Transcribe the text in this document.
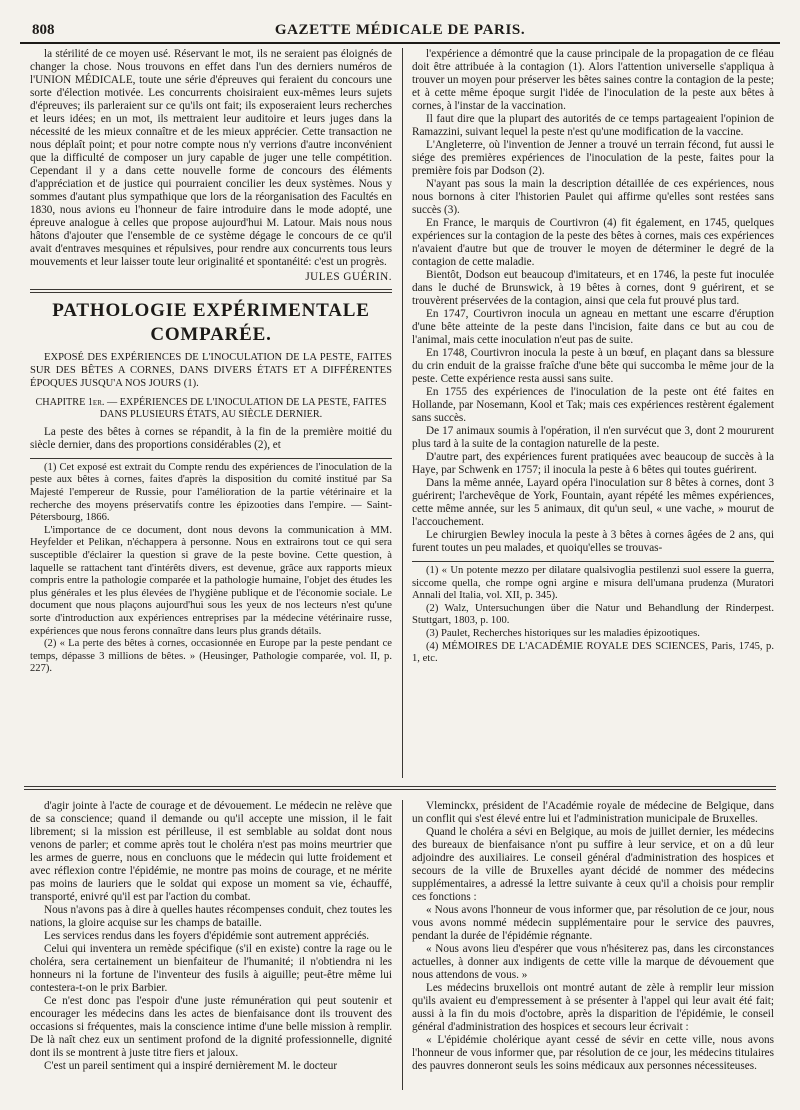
808	GAZETTE MÉDICALE DE PARIS.

la stérilité de ce moyen usé. Réservant le mot, ils ne seraient pas éloignés de changer la chose. Nous trouvons en effet dans l'un des derniers numéros de l'UNION MÉDICALE, toute une série d'épreuves qui feraient du concours une sorte d'élection motivée. Les concurrents choisiraient eux-mêmes leurs sujets d'épreuves; ils parleraient sur ce qu'ils ont fait; ils exposeraient leurs recherches et leurs idées; en un mot, ils mettraient leur auditoire et leurs juges dans la nécessité de les mieux connaître et de les mieux apprécier. Cette transaction ne nous déplaît point; et pour notre compte nous n'y verrions d'autre inconvénient que la difficulté de composer un jury capable de juger une telle compétition. Cependant il y a dans cette nouvelle forme de concours des éléments d'appréciation et de justice qui pourraient concilier les deux systèmes. Nous y sommes d'autant plus sympathique que lors de la réorganisation des Facultés en 1830, nous avions eu l'honneur de faire introduire dans le mode adopté, une épreuve analogue à celles que propose aujourd'hui M. Latour. Mais nous nous hâtons d'ajouter que l'ensemble de ce système dégage le concours de ce qu'il avait d'entraves mesquines et répulsives, pour rendre aux concurrents tous leurs mouvements et leur laisser toute leur originalité et spontanéité: c'est un progrès.

JULES GUÉRIN.
PATHOLOGIE EXPÉRIMENTALE COMPARÉE.

EXPOSÉ DES EXPÉRIENCES DE L'INOCULATION DE LA PESTE, FAITES SUR DES BÊTES A CORNES, DANS DIVERS ÉTATS ET A DIFFÉRENTES ÉPOQUES JUSQU'A NOS JOURS (1).

CHAPITRE 1er. — EXPÉRIENCES DE L'INOCULATION DE LA PESTE, FAITES DANS PLUSIEURS ÉTATS, AU SIÈCLE DERNIER.

La peste des bêtes à cornes se répandit, à la fin de la première moitié du siècle dernier, dans des proportions considérables (2), et

(1) Cet exposé est extrait du Compte rendu des expériences de l'inoculation de la peste aux bêtes à cornes, faites d'après la disposition du comité institué par Sa Majesté l'empereur de Russie, pour l'amélioration de la partie vétérinaire et la recherche des moyens préservatifs contre les épizooties dans l'empire. — Saint-Pétersbourg, 1866.

L'importance de ce document, dont nous devons la communication à MM. Heyfelder et Pelikan, n'échappera à personne. Nous en extrairons tout ce qui sera susceptible d'éclairer la question si grave de la peste bovine. Cette question, à laquelle se rattachent tant d'intérêts divers, est devenue, grâce aux rapports mieux compris entre la pathologie comparée et la pathologie humaine, l'objet des études les plus générales et les plus élevées de l'hygiène publique et de l'économie sociale. Le document que nous plaçons aujourd'hui sous les yeux de nos lecteurs n'est qu'une sorte d'introduction aux expériences entreprises par la médecine vétérinaire russe, expériences que nous ferons connaître dans leurs plus grands détails.

(2) « La perte des bêtes à cornes, occasionnée en Europe par la peste pendant ce temps, dépasse 3 millions de bêtes. » (Heusinger, Pathologie comparée, vol. II, p. 227).

l'expérience a démontré que la cause principale de la propagation de ce fléau doit être attribuée à la contagion (1). Alors l'attention universelle s'appliqua à trouver un moyen pour préserver les bêtes saines contre la contagion de la peste; et à cette même époque surgit l'idée de l'inoculation de la peste aux bêtes à cornes, à l'instar de la vaccination.

Il faut dire que la plupart des autorités de ce temps partageaient l'opinion de Ramazzini, suivant lequel la peste n'est qu'une modification de la vaccine.

L'Angleterre, où l'invention de Jenner a trouvé un terrain fécond, fut aussi le siége des premières expériences de l'inoculation de la peste, faites pour la première fois par Dodson (2).

N'ayant pas sous la main la description détaillée de ces expériences, nous nous bornons à citer l'historien Paulet qui affirme qu'elles sont restées sans succès (3).

En France, le marquis de Courtivron (4) fit également, en 1745, quelques expériences sur la contagion de la peste des bêtes à cornes, mais ces expériences n'avaient d'autre but que de trouver le moyen de déterminer le degré de la contagion de cette maladie.

Bientôt, Dodson eut beaucoup d'imitateurs, et en 1746, la peste fut inoculée dans le duché de Brunswick, à 19 bêtes à cornes, dont 9 guérirent, et se trouvèrent préservées de la contagion, ainsi que cela fut prouvé plus tard.

En 1747, Courtivron inocula un agneau en mettant une escarre d'éruption d'une bête atteinte de la peste dans l'incision, faite dans ce but au cou de l'animal, mais cette inoculation n'eut pas de suite.

En 1748, Courtivron inocula la peste à un bœuf, en plaçant dans sa blessure du crin enduit de la graisse fraîche d'une bête qui succomba le même jour de la peste. Cette expérience resta aussi sans suite.

En 1755 des expériences de l'inoculation de la peste ont été faites en Hollande, par Nosemann, Kool et Tak; mais ces expériences restèrent également sans succès.

De 17 animaux soumis à l'opération, il n'en survécut que 3, dont 2 moururent plus tard à la suite de la contagion naturelle de la peste.

D'autre part, des expériences furent pratiquées avec beaucoup de succès à la Haye, par Schwenk en 1757; il inocula la peste à 6 bêtes qui toutes guérirent.

Dans la même année, Layard opéra l'inoculation sur 8 bêtes à cornes, dont 3 guérirent; l'archevêque de York, Fountain, ayant répété les mêmes expériences, cette même année, sur les 5 animaux, dit qu'un seul, « une vache, » mourut de l'accouchement.

Le chirurgien Bewley inocula la peste à 3 bêtes à cornes âgées de 2 ans, qui furent toutes un peu malades, et quoiqu'elles se trouvas-

(1) « Un potente mezzo per dilatare qualsivoglia pestilenzi suol essere la guerra, siccome quella, che rompe ogni argine e misura dell'umana prudenza (Muratori Annali del Italia, vol. XII, p. 345).

(2) Walz, Untersuchungen über die Natur und Behandlung der Rinderpest. Stuttgart, 1803, p. 100.

(3) Paulet, Recherches historiques sur les maladies épizootiques.

(4) MÉMOIRES DE L'ACADÉMIE ROYALE DES SCIENCES, Paris, 1745, p. 1, etc.

d'agir jointe à l'acte de courage et de dévouement. Le médecin ne relève que de sa conscience; quand il demande ou qu'il accepte une mission, il le fait librement; si la mission est périlleuse, il est semblable au soldat dont nous venons de parler; et comme après tout le choléra n'est pas moins meurtrier que les armes de guerre, nous en concluons que le médecin qui lutte froidement et avec réflexion contre l'épidémie, ne montre pas moins de courage, et ne mérite pas moins de lauriers que le soldat qui expose un moment sa vie, échauffé, transporté, enivré qu'il est par l'action du combat.

Nous n'avons pas à dire à quelles hautes récompenses conduit, chez toutes les nations, la gloire acquise sur les champs de bataille.

Les services rendus dans les foyers d'épidémie sont autrement appréciés.

Celui qui inventera un remède spécifique (s'il en existe) contre la rage ou le choléra, sera certainement un bienfaiteur de l'humanité; il n'obtiendra ni les honneurs ni la fortune de l'inventeur des fusils à aiguille; peut-être même lui contestera-t-on le prix Barbier.

Ce n'est donc pas l'espoir d'une juste rémunération qui peut soutenir et encourager les médecins dans les actes de bienfaisance dont ils trouvent des occasions si fréquentes, mais la conscience intime d'une belle mission à remplir. De là naît chez eux un sentiment profond de la dignité professionnelle, dignité dont ils se montrent à juste titre fiers et jaloux.

C'est un pareil sentiment qui a inspiré dernièrement M. le docteur

Vleminckx, président de l'Académie royale de médecine de Belgique, dans un conflit qui s'est élevé entre lui et l'administration municipale de Bruxelles.

Quand le choléra a sévi en Belgique, au mois de juillet dernier, les médecins des bureaux de bienfaisance n'ont pu suffire à leur service, et on a dû leur adjoindre des auxiliaires. Le conseil général d'administration des hospices et secours de la ville de Bruxelles ayant décidé de nommer des médecins supplémentaires, a adressé la lettre suivante à ceux qu'il a choisis pour remplir ces fonctions :

« Nous avons l'honneur de vous informer que, par résolution de ce jour, nous vous avons nommé médecin supplémentaire pour le service des pauvres, pendant la durée de l'épidémie régnante.

« Nous avons lieu d'espérer que vous n'hésiterez pas, dans les circonstances actuelles, à donner aux indigents de cette ville la marque de dévouement que nous attendons de vous. »

Les médecins bruxellois ont montré autant de zèle à remplir leur mission qu'ils avaient eu d'empressement à se présenter à l'appel qui leur avait été fait; aussi à la fin du mois d'octobre, après la disparition de l'épidémie, le conseil général d'administration des hospices et secours leur écrivait :

« L'épidémie cholérique ayant cessé de sévir en cette ville, nous avons l'honneur de vous informer que, par résolution de ce jour, les médecins titulaires des pauvres donneront seuls les soins médicaux aux personnes nécessiteuses.
